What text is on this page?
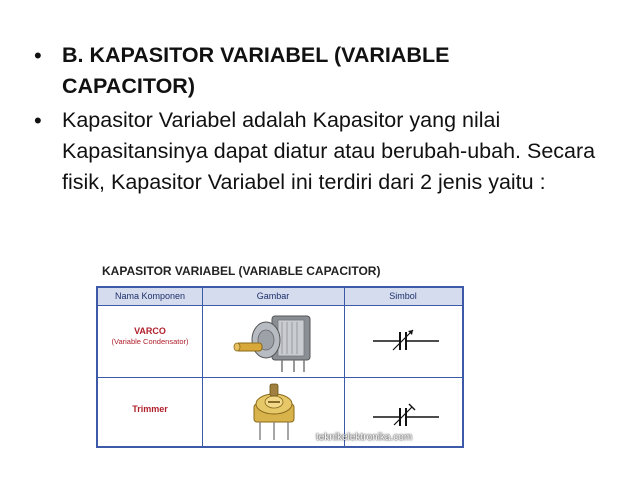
• B. KAPASITOR VARIABEL (VARIABLE CAPACITOR)
• Kapasitor Variabel adalah Kapasitor yang nilai Kapasitansinya dapat diatur atau berubah-ubah. Secara fisik, Kapasitor Variabel ini terdiri dari 2 jenis yaitu :
KAPASITOR VARIABEL (VARIABLE CAPACITOR)
Nama Komponen	Gambar	Simbol
VARCO
(Variable Condensator)
Trimmer
teknikelektronika.com
